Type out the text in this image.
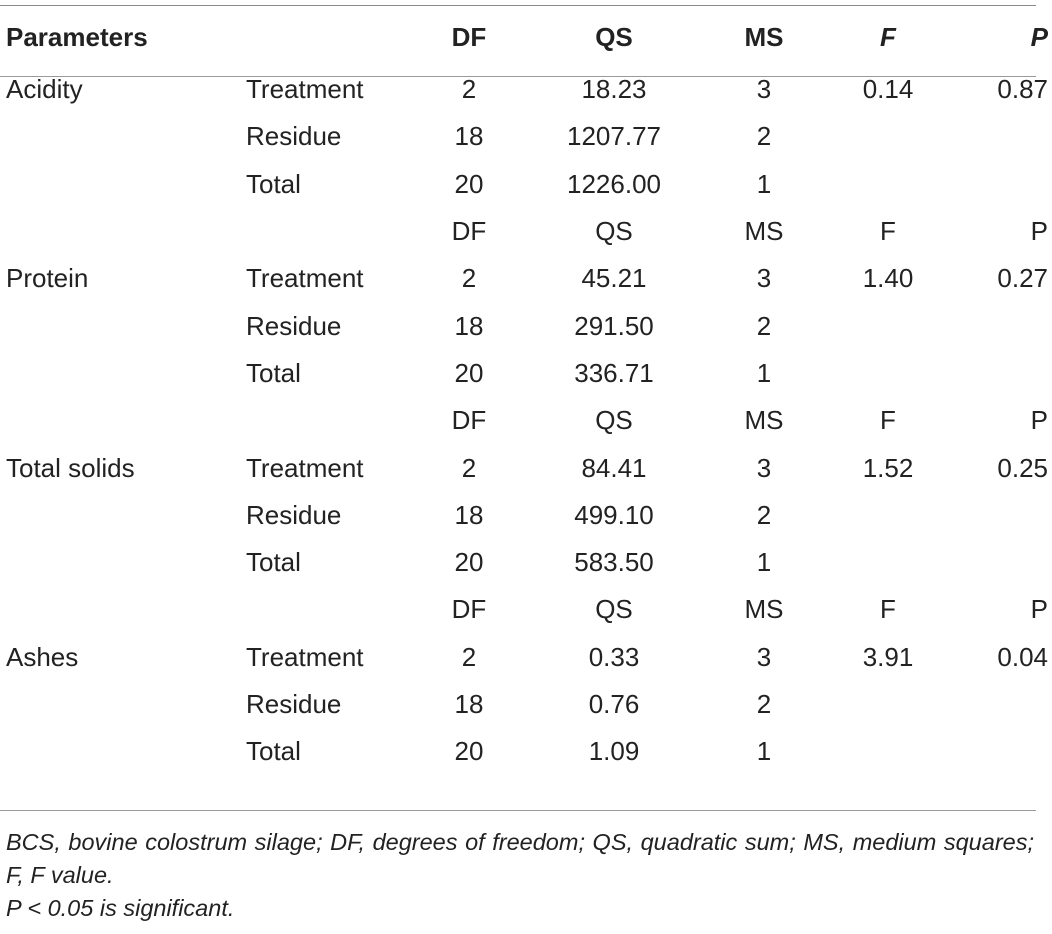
Parameters		DF	QS	MS	F	P
Acidity	Treatment	2	18.23	3	0.14	0.87
	Residue	18	1207.77	2		
	Total	20	1226.00	1		
		DF	QS	MS	F	P
Protein	Treatment	2	45.21	3	1.40	0.27
	Residue	18	291.50	2		
	Total	20	336.71	1		
		DF	QS	MS	F	P
Total solids	Treatment	2	84.41	3	1.52	0.25
	Residue	18	499.10	2		
	Total	20	583.50	1		
		DF	QS	MS	F	P
Ashes	Treatment	2	0.33	3	3.91	0.04
	Residue	18	0.76	2		
	Total	20	1.09	1		

BCS, bovine colostrum silage; DF, degrees of freedom; QS, quadratic sum; MS, medium squares; F, F value.

P < 0.05 is significant.
